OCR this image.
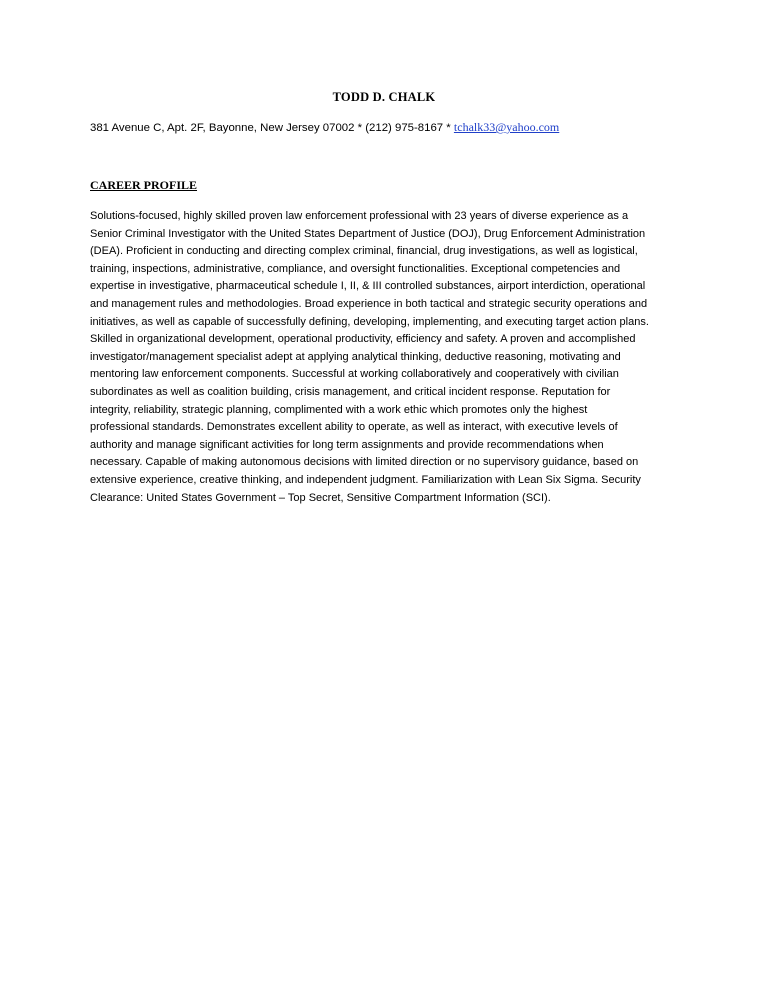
TODD D. CHALK
381 Avenue C, Apt. 2F, Bayonne, New Jersey 07002 * (212) 975-8167 * tchalk33@yahoo.com
CAREER PROFILE
Solutions-focused, highly skilled proven law enforcement professional with 23 years of diverse experience as a
Senior Criminal Investigator with the United States Department of Justice (DOJ), Drug Enforcement Administration
(DEA). Proficient in conducting and directing complex criminal, financial, drug investigations, as well as logistical,
training, inspections, administrative, compliance, and oversight functionalities. Exceptional competencies and
expertise in investigative, pharmaceutical schedule I, II, & III controlled substances, airport interdiction, operational
and management rules and methodologies. Broad experience in both tactical and strategic security operations and
initiatives, as well as capable of successfully defining, developing, implementing, and executing target action plans.
Skilled in organizational development, operational productivity, efficiency and safety. A proven and accomplished
investigator/management specialist adept at applying analytical thinking, deductive reasoning, motivating and
mentoring law enforcement components. Successful at working collaboratively and cooperatively with civilian
subordinates as well as coalition building, crisis management, and critical incident response. Reputation for
integrity, reliability, strategic planning, complimented with a work ethic which promotes only the highest
professional standards. Demonstrates excellent ability to operate, as well as interact, with executive levels of
authority and manage significant activities for long term assignments and provide recommendations when
necessary. Capable of making autonomous decisions with limited direction or no supervisory guidance, based on
extensive experience, creative thinking, and independent judgment. Familiarization with Lean Six Sigma. Security
Clearance: United States Government – Top Secret, Sensitive Compartment Information (SCI).
